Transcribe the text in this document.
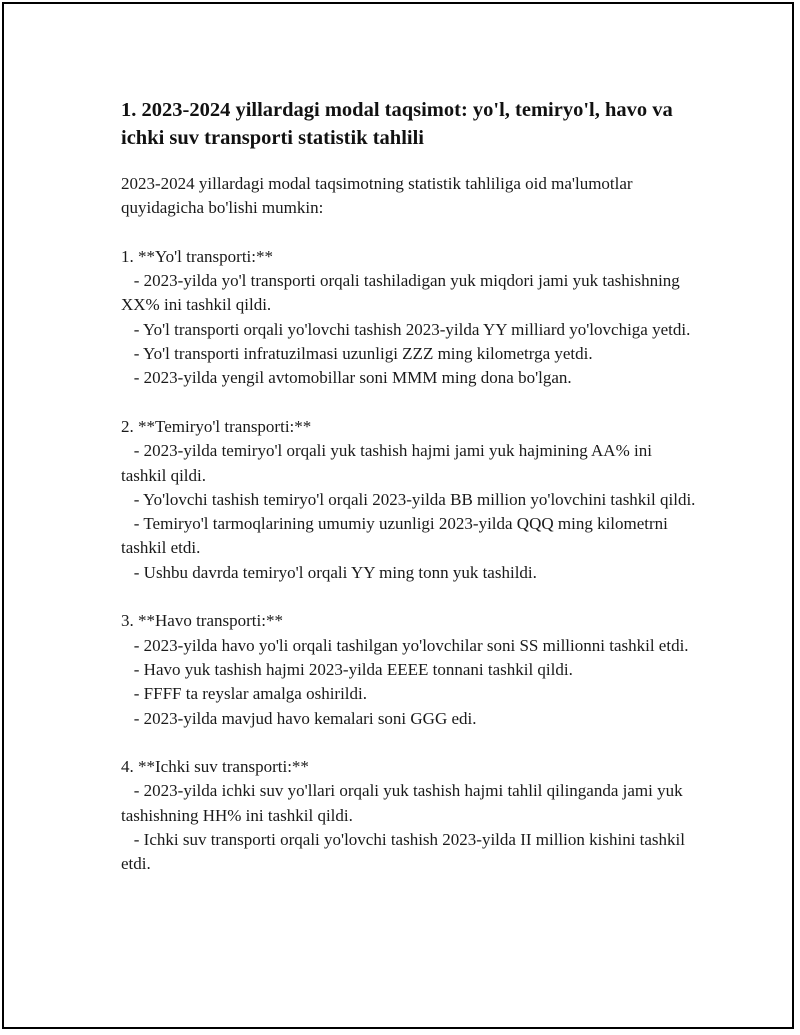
1. 2023-2024 yillardagi modal taqsimot: yo'l, temiryo'l, havo va ichki suv transporti statistik tahlili
2023-2024 yillardagi modal taqsimotning statistik tahliliga oid ma'lumotlar quyidagicha bo'lishi mumkin:

1. **Yo'l transporti:**
- 2023-yilda yo'l transporti orqali tashiladigan yuk miqdori jami yuk tashishning XX% ini tashkil qildi.
- Yo'l transporti orqali yo'lovchi tashish 2023-yilda YY milliard yo'lovchiga yetdi.
- Yo'l transporti infratuzilmasi uzunligi ZZZ ming kilometrga yetdi.
- 2023-yilda yengil avtomobillar soni MMM ming dona bo'lgan.

2. **Temiryo'l transporti:**
- 2023-yilda temiryo'l orqali yuk tashish hajmi jami yuk hajmining AA% ini tashkil qildi.
- Yo'lovchi tashish temiryo'l orqali 2023-yilda BB million yo'lovchini tashkil qildi.
- Temiryo'l tarmoqlarining umumiy uzunligi 2023-yilda QQQ ming kilometrni tashkil etdi.
- Ushbu davrda temiryo'l orqali YY ming tonn yuk tashildi.

3. **Havo transporti:**
- 2023-yilda havo yo'li orqali tashilgan yo'lovchilar soni SS millionni tashkil etdi.
- Havo yuk tashish hajmi 2023-yilda EEEE tonnani tashkil qildi.
- FFFF ta reyslar amalga oshirildi.
- 2023-yilda mavjud havo kemalari soni GGG edi.

4. **Ichki suv transporti:**
- 2023-yilda ichki suv yo'llari orqali yuk tashish hajmi tahlil qilinganda jami yuk tashishning HH% ini tashkil qildi.
- Ichki suv transporti orqali yo'lovchi tashish 2023-yilda II million kishini tashkil etdi.
